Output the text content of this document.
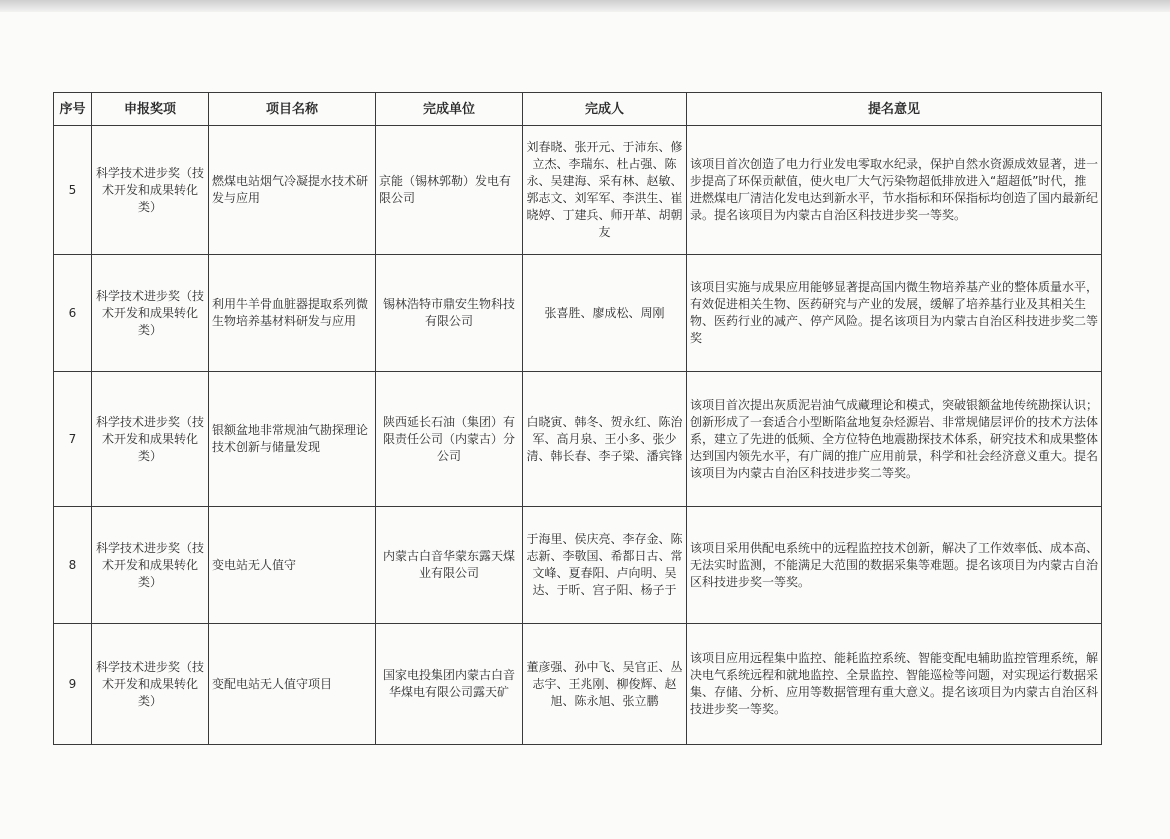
序号	申报奖项	项目名称	完成单位	完成人	提名意见
5	科学技术进步奖（技术开发和成果转化类）	燃煤电站烟气冷凝提水技术研发与应用	京能（锡林郭勒）发电有限公司	刘春晓、张开元、于沛东、修立杰、李瑞东、杜占强、陈永、吴建海、采有林、赵敏、郭志文、刘军军、李洪生、崔晓婷、丁建兵、师开革、胡朝友	该项目首次创造了电力行业发电零取水纪录，保护自然水资源成效显著，进一步提高了环保贡献值，使火电厂大气污染物超低排放进入“超超低”时代，推进燃煤电厂清洁化发电达到新水平，节水指标和环保指标均创造了国内最新纪录。提名该项目为内蒙古自治区科技进步奖一等奖。
6	科学技术进步奖（技术开发和成果转化类）	利用牛羊骨血脏器提取系列微生物培养基材料研发与应用	锡林浩特市鼎安生物科技有限公司	张喜胜、廖成松、周刚	该项目实施与成果应用能够显著提高国内微生物培养基产业的整体质量水平，有效促进相关生物、医药研究与产业的发展，缓解了培养基行业及其相关生物、医药行业的减产、停产风险。提名该项目为内蒙古自治区科技进步奖二等奖
7	科学技术进步奖（技术开发和成果转化类）	银额盆地非常规油气勘探理论技术创新与储量发现	陕西延长石油（集团）有限责任公司（内蒙古）分公司	白晓寅、韩冬、贺永红、陈治军、高月泉、王小多、张少清、韩长春、李子梁、潘宾锋	该项目首次提出灰质泥岩油气成藏理论和模式，突破银额盆地传统勘探认识；创新形成了一套适合小型断陷盆地复杂烃源岩、非常规储层评价的技术方法体系，建立了先进的低频、全方位特色地震勘探技术体系，研究技术和成果整体达到国内领先水平，有广阔的推广应用前景，科学和社会经济意义重大。提名该项目为内蒙古自治区科技进步奖二等奖。
8	科学技术进步奖（技术开发和成果转化类）	变电站无人值守	内蒙古白音华蒙东露天煤业有限公司	于海里、侯庆亮、李存金、陈志新、李敬国、希都日古、常文峰、夏春阳、卢向明、吴达、于昕、宫子阳、杨子于	该项目采用供配电系统中的远程监控技术创新，解决了工作效率低、成本高、无法实时监测，不能满足大范围的数据采集等难题。提名该项目为内蒙古自治区科技进步奖一等奖。
9	科学技术进步奖（技术开发和成果转化类）	变配电站无人值守项目	国家电投集团内蒙古白音华煤电有限公司露天矿	董彦强、孙中飞、吴官正、丛志宇、王兆刚、柳俊辉、赵旭、陈永旭、张立鹏	该项目应用远程集中监控、能耗监控系统、智能变配电辅助监控管理系统，解决电气系统远程和就地监控、全景监控、智能巡检等问题，对实现运行数据采集、存储、分析、应用等数据管理有重大意义。提名该项目为内蒙古自治区科技进步奖一等奖。
